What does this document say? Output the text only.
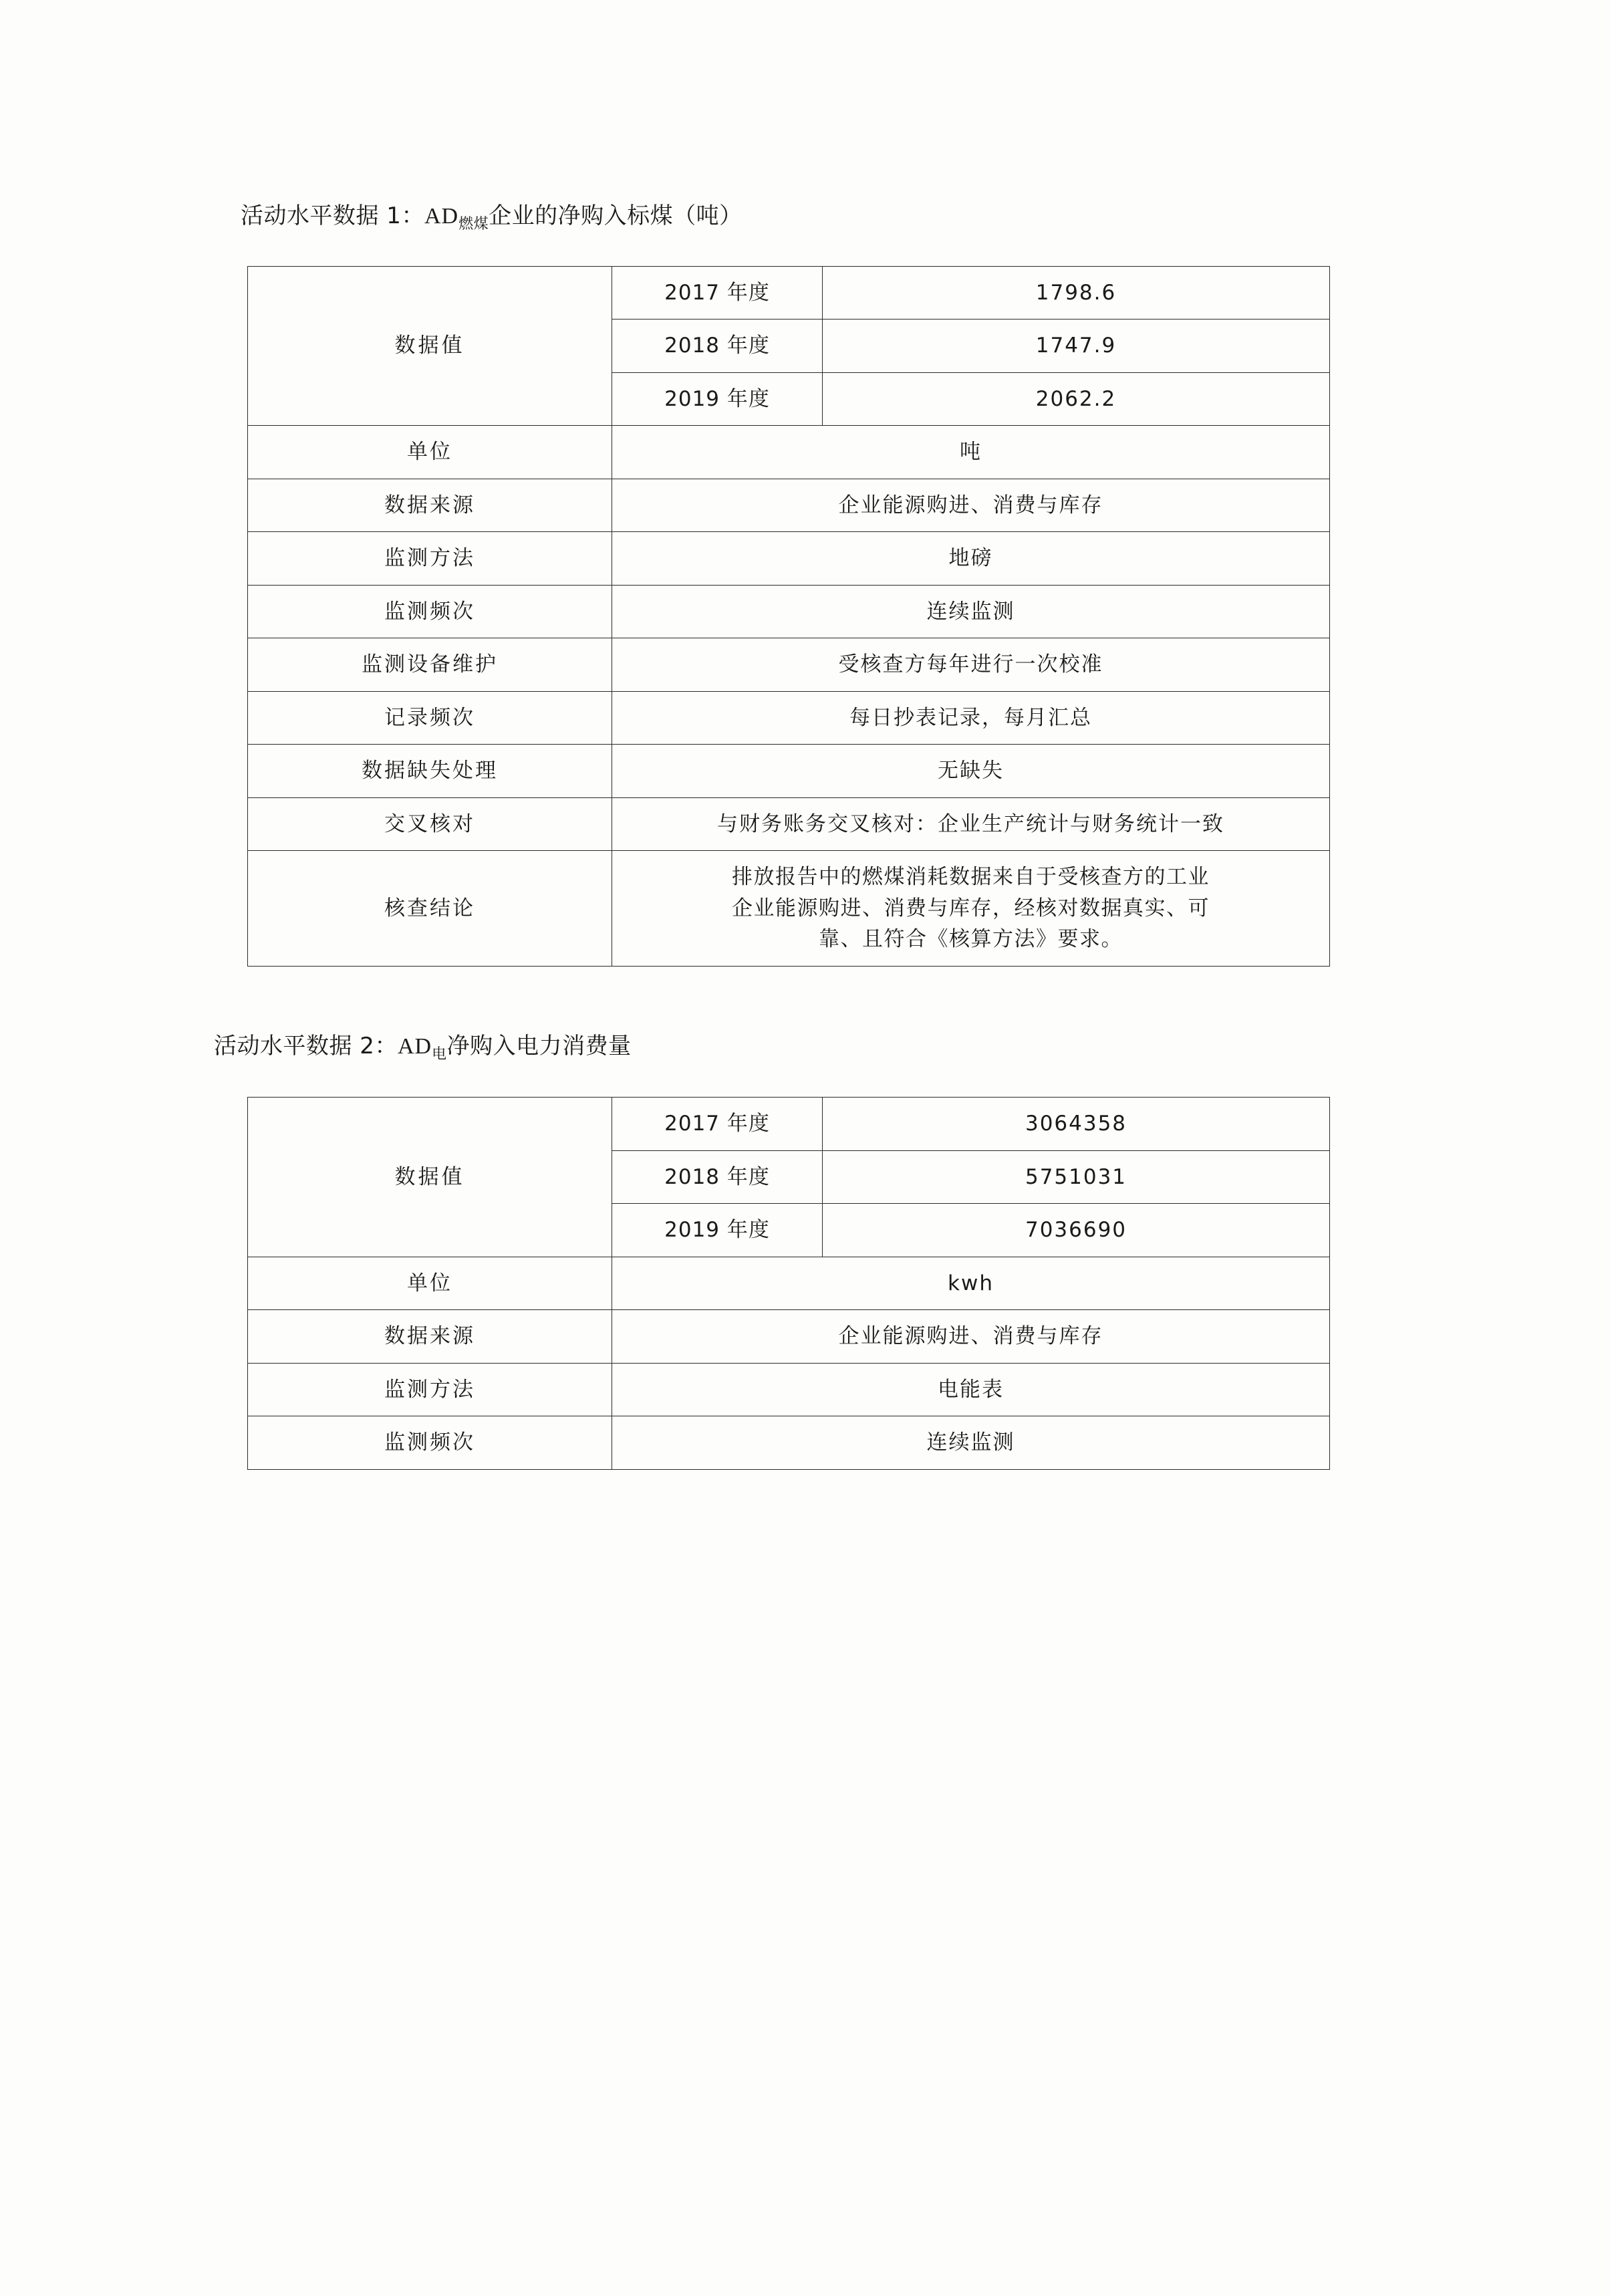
活动水平数据 1：$AD_{燃煤}$企业的净购入标煤（吨）
数据值	2017 年度	1798.6
	2018 年度	1747.9
	2019 年度	2062.2
单位	吨	
数据来源	企业能源购进、消费与库存	
监测方法	地磅	
监测频次	连续监测	
监测设备维护	受核查方每年进行一次校准	
记录频次	每日抄表记录，每月汇总	
数据缺失处理	无缺失	
交叉核对	与财务账务交叉核对：企业生产统计与财务统计一致	
核查结论	排放报告中的燃煤消耗数据来自于受核查方的工业
企业能源购进、消费与库存，经核对数据真实、可
靠、且符合《核算方法》要求。	
活动水平数据 2：$AD_电$净购入电力消费量
数据值	2017 年度	3064358
	2018 年度	5751031
	2019 年度	7036690
单位	kwh	
数据来源	企业能源购进、消费与库存	
监测方法	电能表	
监测频次	连续监测	
